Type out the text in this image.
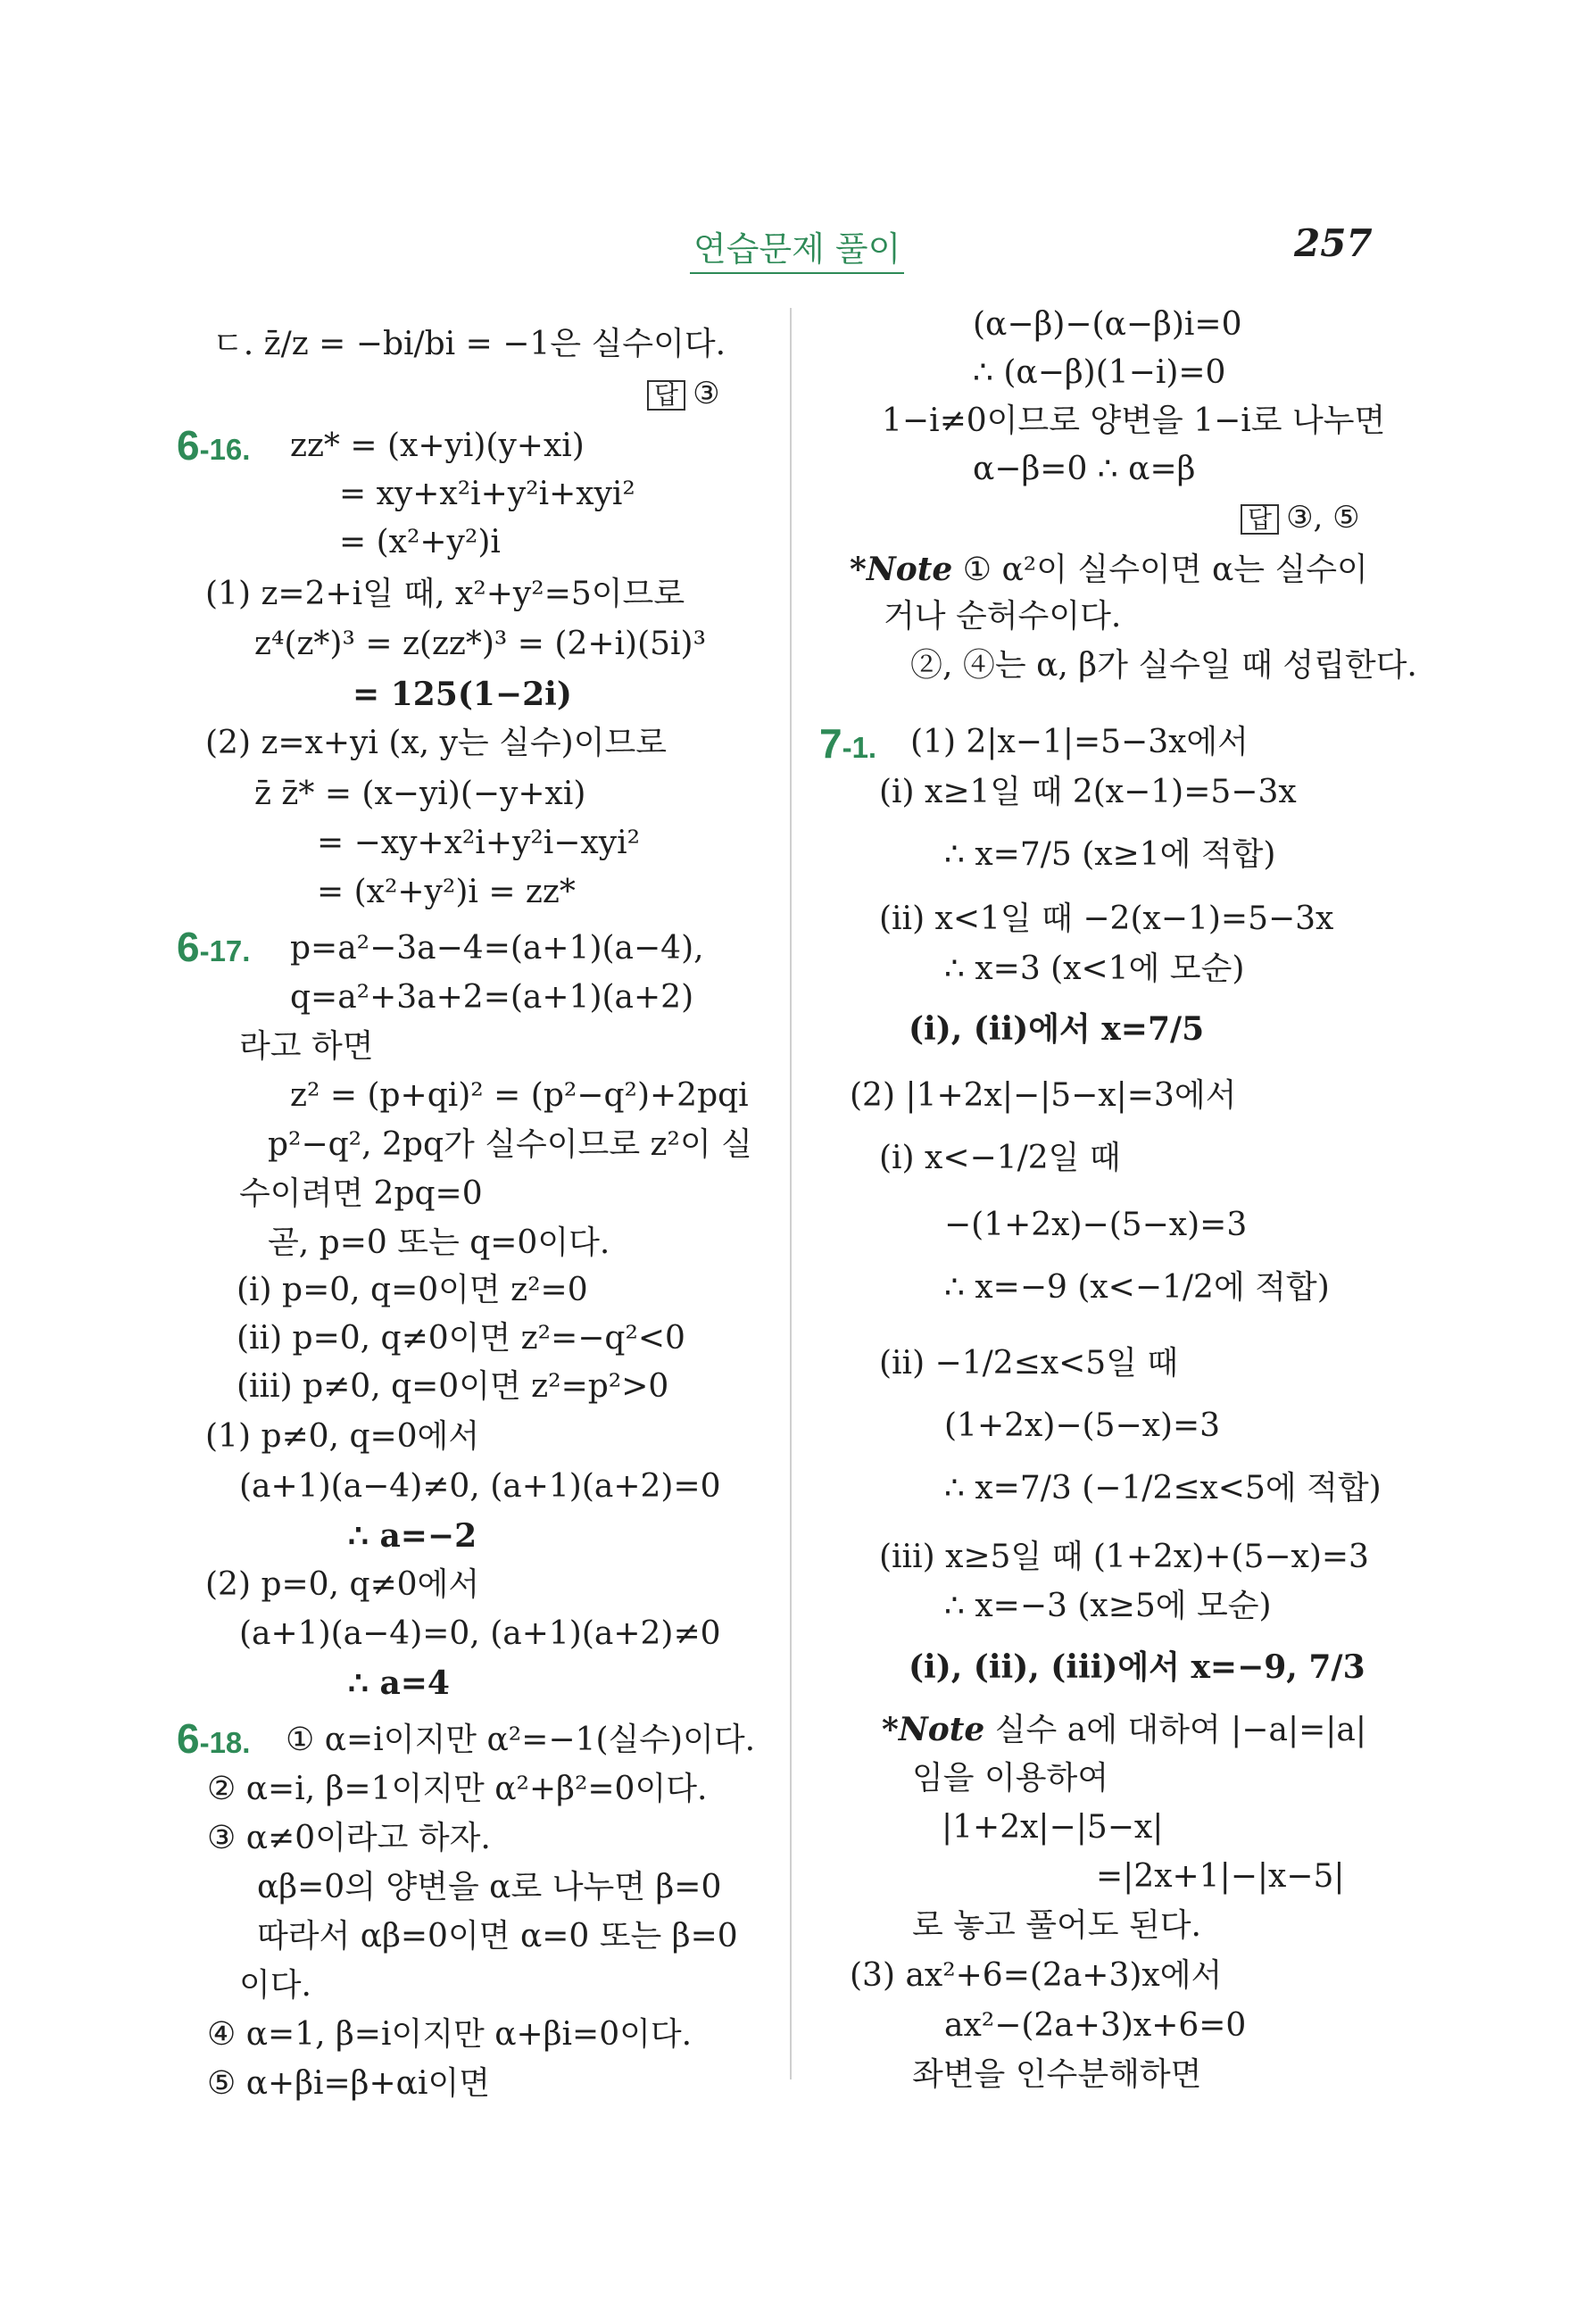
연습문제 풀이	257
ㄷ. z̄/z = −bi/bi = −1은 실수이다.
답 ③
6-16. zz* = (x+yi)(y+xi)
= xy+x²i+y²i+xyi²
= (x²+y²)i
(1) z=2+i일 때, x²+y²=5이므로
z⁴(z*)³ = z(zz*)³ = (2+i)(5i)³
= 125(1−2i)
(2) z=x+yi (x, y는 실수)이므로
z̄ z̄* = (x−yi)(−y+xi)
= −xy+x²i+y²i−xyi²
= (x²+y²)i = zz*
6-17. p=a²−3a−4=(a+1)(a−4),
q=a²+3a+2=(a+1)(a+2)
라고 하면
z² = (p+qi)² = (p²−q²)+2pqi
p²−q², 2pq가 실수이므로 z²이 실
수이려면 2pq=0
곧, p=0 또는 q=0이다.
(i) p=0, q=0이면 z²=0
(ii) p=0, q≠0이면 z²=−q²<0
(iii) p≠0, q=0이면 z²=p²>0
(1) p≠0, q=0에서
(a+1)(a−4)≠0, (a+1)(a+2)=0
∴ a=−2
(2) p=0, q≠0에서
(a+1)(a−4)=0, (a+1)(a+2)≠0
∴ a=4
6-18. ① α=i이지만 α²=−1(실수)이다.
② α=i, β=1이지만 α²+β²=0이다.
③ α≠0이라고 하자.
αβ=0의 양변을 α로 나누면 β=0
따라서 αβ=0이면 α=0 또는 β=0
이다.
④ α=1, β=i이지만 α+βi=0이다.
⑤ α+βi=β+αi이면
(α−β)−(α−β)i=0
∴ (α−β)(1−i)=0
1−i≠0이므로 양변을 1−i로 나누면
α−β=0 ∴ α=β
답 ③, ⑤
*Note ① α²이 실수이면 α는 실수이
거나 순허수이다.
②, ④는 α, β가 실수일 때 성립한다.
7-1. (1) 2|x−1|=5−3x에서
(i) x≥1일 때 2(x−1)=5−3x
∴ x=7/5 (x≥1에 적합)
(ii) x<1일 때 −2(x−1)=5−3x
∴ x=3 (x<1에 모순)
(i), (ii)에서 x=7/5
(2) |1+2x|−|5−x|=3에서
(i) x<−1/2일 때
−(1+2x)−(5−x)=3
∴ x=−9 (x<−1/2에 적합)
(ii) −1/2≤x<5일 때
(1+2x)−(5−x)=3
∴ x=7/3 (−1/2≤x<5에 적합)
(iii) x≥5일 때 (1+2x)+(5−x)=3
∴ x=−3 (x≥5에 모순)
(i), (ii), (iii)에서 x=−9, 7/3
*Note 실수 a에 대하여 |−a|=|a|
임을 이용하여
|1+2x|−|5−x|
=|2x+1|−|x−5|
로 놓고 풀어도 된다.
(3) ax²+6=(2a+3)x에서
ax²−(2a+3)x+6=0
좌변을 인수분해하면
